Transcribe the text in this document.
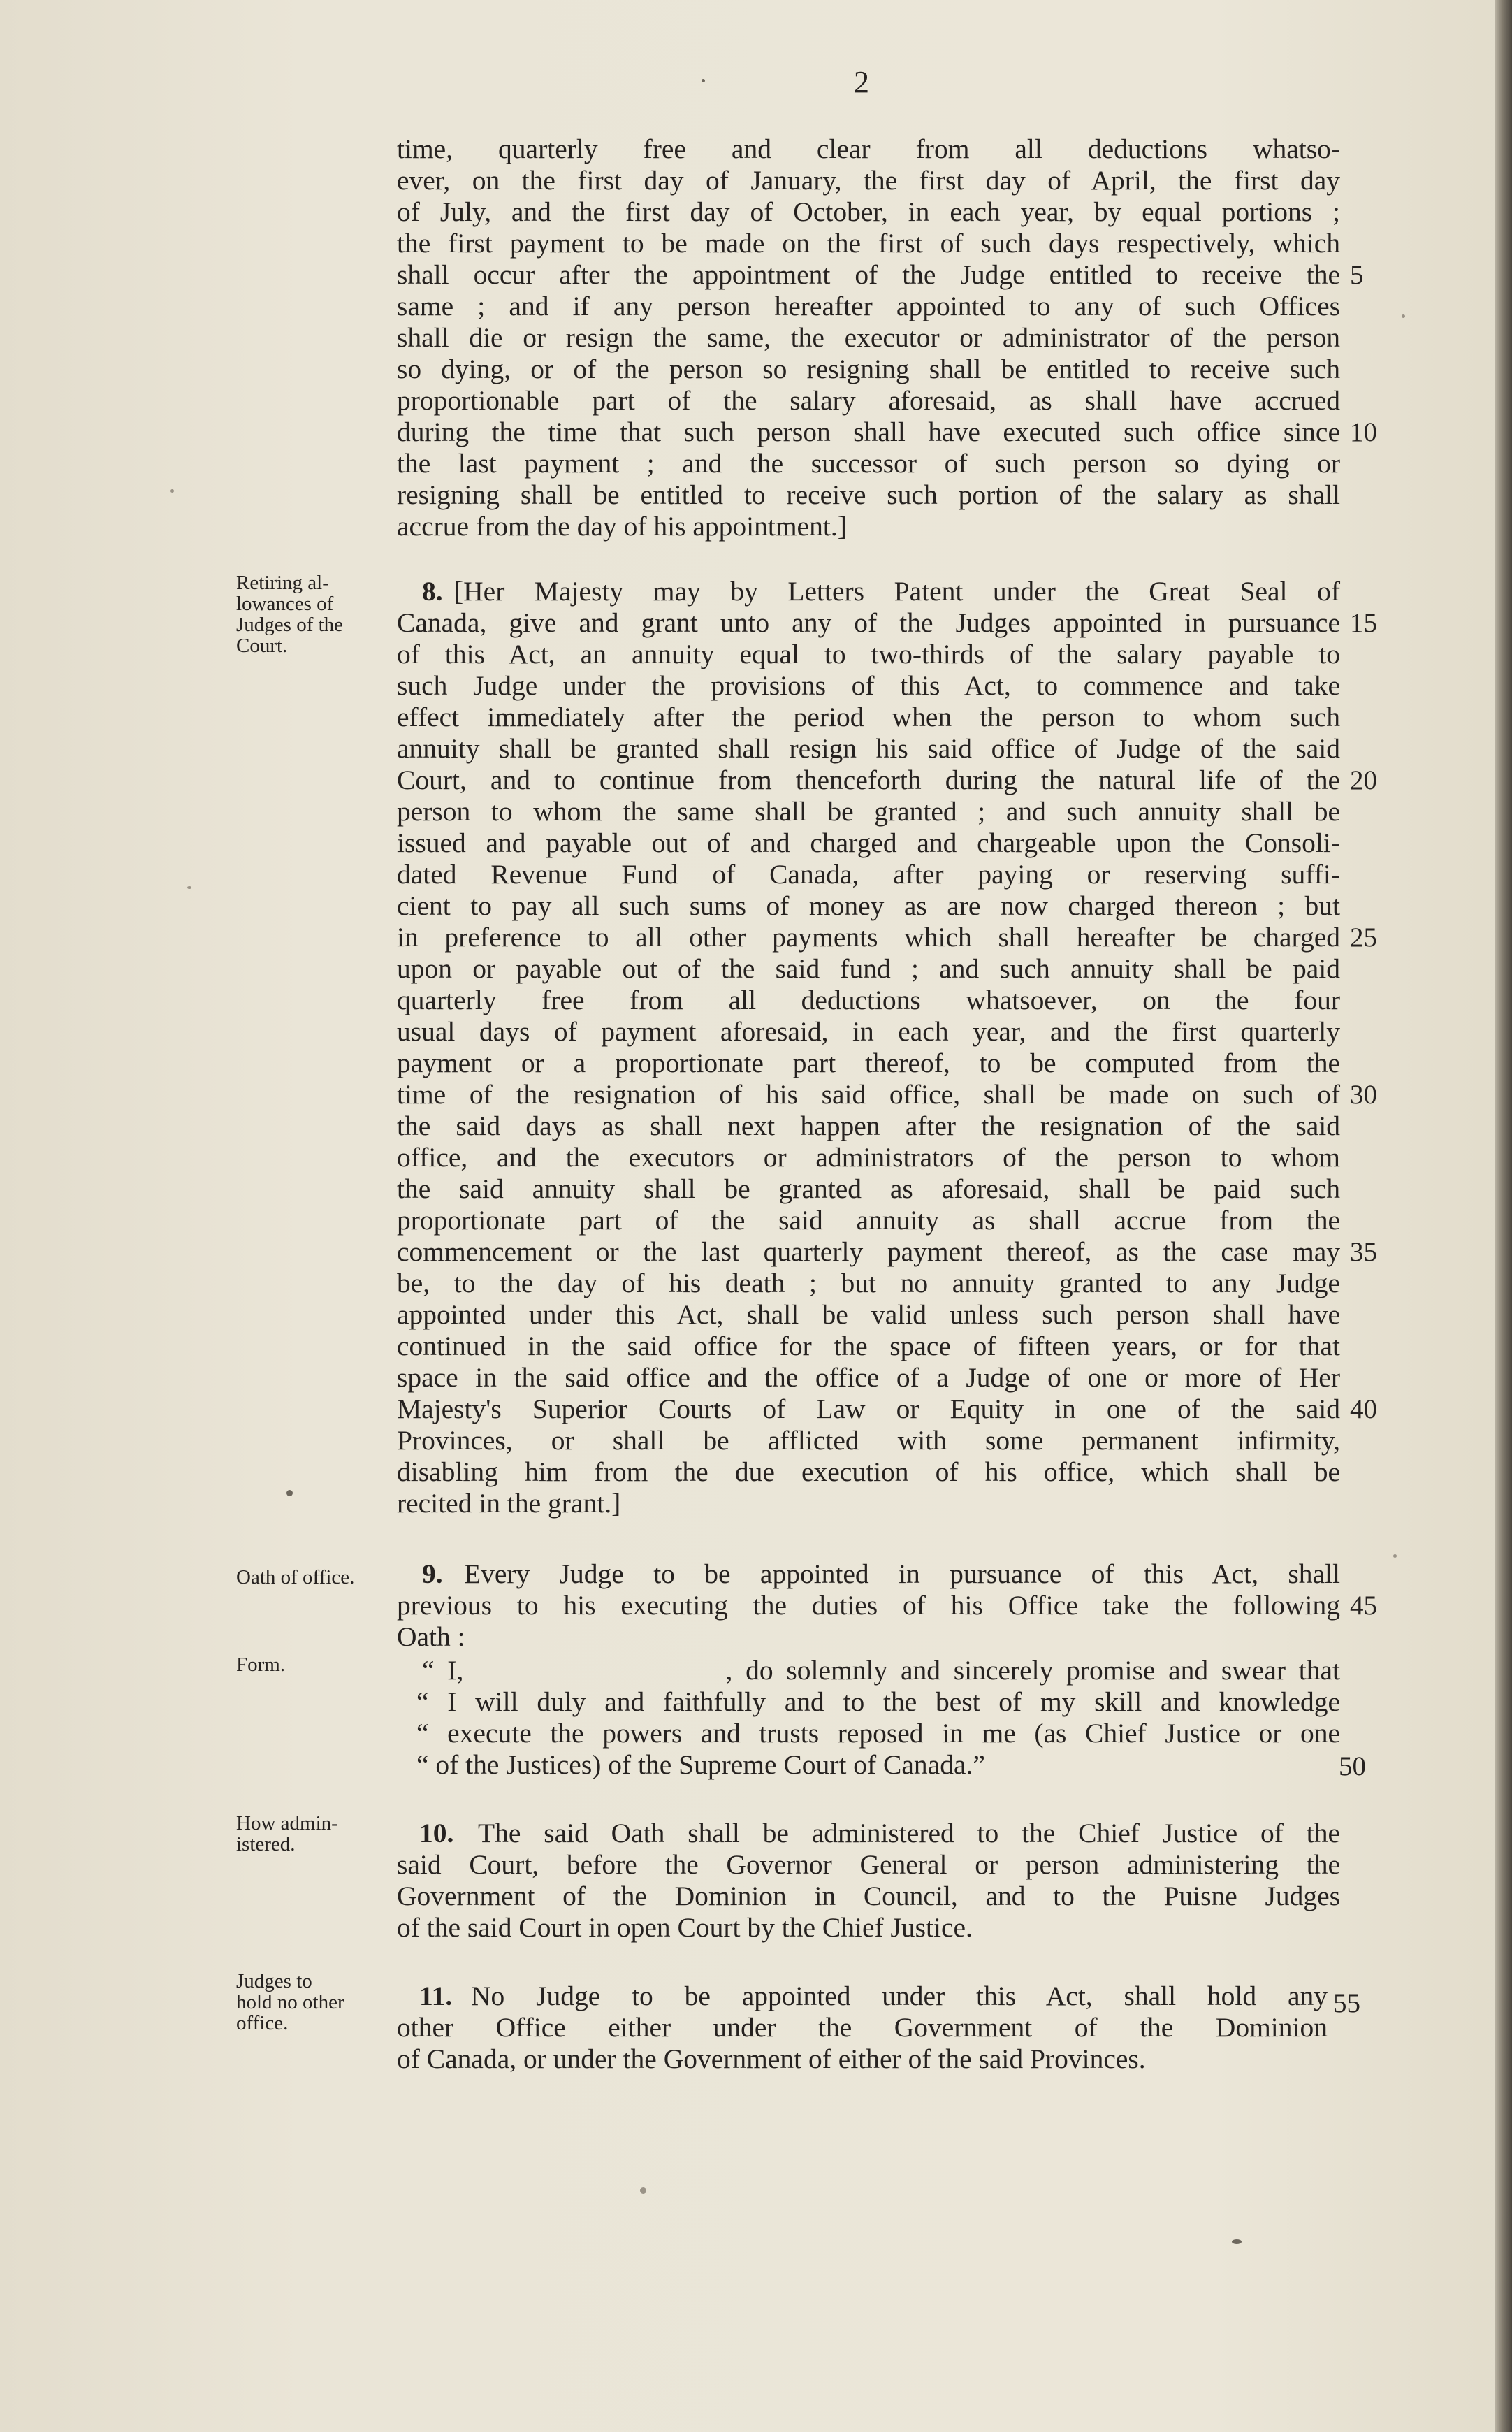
2
time, quarterly free and clear from all deductions whatso-
ever, on the first day of January, the first day of April, the first day
of July, and the first day of October, in each year, by equal portions ;
the first payment to be made on the first of such days respectively, which
shall occur after the appointment of the Judge entitled to receive the
same ; and if any person hereafter appointed to any of such Offices
shall die or resign the same, the executor or administrator of the person
so dying, or of the person so resigning shall be entitled to receive such
proportionable part of the salary aforesaid, as shall have accrued
during the time that such person shall have executed such office since
the last payment ; and the successor of such person so dying or
resigning shall be entitled to receive such portion of the salary as shall
accrue from the day of his appointment.]
Retiring al-
lowances of
Judges of the
Court.
8. [Her Majesty may by Letters Patent under the Great Seal of
Canada, give and grant unto any of the Judges appointed in pursuance
of this Act, an annuity equal to two-thirds of the salary payable to
such Judge under the provisions of this Act, to commence and take
effect immediately after the period when the person to whom such
annuity shall be granted shall resign his said office of Judge of the said
Court, and to continue from thenceforth during the natural life of the
person to whom the same shall be granted ; and such annuity shall be
issued and payable out of and charged and chargeable upon the Consoli-
dated Revenue Fund of Canada, after paying or reserving suffi-
cient to pay all such sums of money as are now charged thereon ; but
in preference to all other payments which shall hereafter be charged
upon or payable out of the said fund ; and such annuity shall be paid
quarterly free from all deductions whatsoever, on the four
usual days of payment aforesaid, in each year, and the first quarterly
payment or a proportionate part thereof, to be computed from the
time of the resignation of his said office, shall be made on such of
the said days as shall next happen after the resignation of the said
office, and the executors or administrators of the person to whom
the said annuity shall be granted as aforesaid, shall be paid such
proportionate part of the said annuity as shall accrue from the
commencement or the last quarterly payment thereof, as the case may
be, to the day of his death ; but no annuity granted to any Judge
appointed under this Act, shall be valid unless such person shall have
continued in the said office for the space of fifteen years, or for that
space in the said office and the office of a Judge of one or more of Her
Majesty's Superior Courts of Law or Equity in one of the said
Provinces, or shall be afflicted with some permanent infirmity,
disabling him from the due execution of his office, which shall be
recited in the grant.]
Oath of office. 9. Every Judge to be appointed in pursuance of this Act, shall
previous to his executing the duties of his Office take the following
Oath :
Form.	“ I,                    , do solemnly and sincerely promise and swear that
“ I will duly and faithfully and to the best of my skill and knowledge
“ execute the powers and trusts reposed in me (as Chief Justice or one
“ of the Justices) of the Supreme Court of Canada.”
How admin-
istered.	10. The said Oath shall be administered to the Chief Justice of the
said Court, before the Governor General or person administering the
Government of the Dominion in Council, and to the Puisne Judges
of the said Court in open Court by the Chief Justice.
Judges to
hold no other
office.
11. No Judge to be appointed under this Act, shall hold any
other Office either under the Government of the Dominion
of Canada, or under the Government of either of the said Provinces.
5
10
15
20
25
30
35
40
45
50
55
